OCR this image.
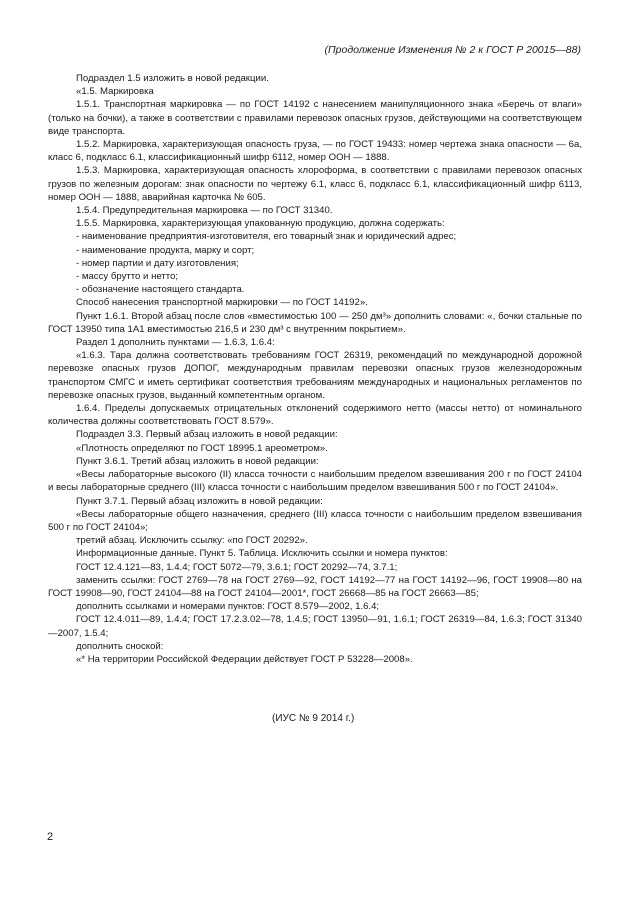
(Продолжение Изменения № 2 к ГОСТ Р 20015—88)

Подраздел 1.5 изложить в новой редакции.

«1.5. Маркировка

1.5.1. Транспортная маркировка — по ГОСТ 14192 с нанесением манипуляционного знака «Беречь от влаги» (только на бочки), а также в соответствии с правилами перевозок опасных грузов, действующими на соответствующем виде транспорта.

1.5.2. Маркировка, характеризующая опасность груза, — по ГОСТ 19433: номер чертежа знака опасности — 6а, класс 6, подкласс 6.1, классификационный шифр 6112, номер ООН — 1888.

1.5.3. Маркировка, характеризующая опасность хлороформа, в соответствии с правилами перевозок опасных грузов по железным дорогам: знак опасности по чертежу 6.1, класс 6, подкласс 6.1, классификационный шифр 6113, номер ООН — 1888, аварийная карточка № 605.

1.5.4. Предупредительная маркировка — по ГОСТ 31340.

1.5.5. Маркировка, характеризующая упакованную продукцию, должна содержать:

- наименование предприятия-изготовителя, его товарный знак и юридический адрес;
- наименование продукта, марку и сорт;
- номер партии и дату изготовления;
- массу брутто и нетто;
- обозначение настоящего стандарта.

Способ нанесения транспортной маркировки — по ГОСТ 14192».

Пункт 1.6.1. Второй абзац после слов «вместимостью 100 — 250 дм³» дополнить словами: «, бочки стальные по ГОСТ 13950 типа 1А1 вместимостью 216,5 и 230 дм³ с внутренним покрытием».

Раздел 1 дополнить пунктами — 1.6.3, 1.6.4:

«1.6.3. Тара должна соответствовать требованиям ГОСТ 26319, рекомендаций по международной дорожной перевозке опасных грузов ДОПОГ, международным правилам перевозки опасных грузов железнодорожным транспортом СМГС и иметь сертификат соответствия требованиям международных и национальных регламентов по перевозке опасных грузов, выданный компетентным органом.

1.6.4. Пределы допускаемых отрицательных отклонений содержимого нетто (массы нетто) от номинального количества должны соответствовать ГОСТ 8.579».

Подраздел 3.3. Первый абзац изложить в новой редакции:

«Плотность определяют по ГОСТ 18995.1 ареометром».

Пункт 3.6.1. Третий абзац изложить в новой редакции:

«Весы лабораторные высокого (II) класса точности с наибольшим пределом взвешивания 200 г по ГОСТ 24104 и весы лабораторные среднего (III) класса точности с наибольшим пределом взвешивания 500 г по ГОСТ 24104».

Пункт 3.7.1. Первый абзац изложить в новой редакции:

«Весы лабораторные общего назначения, среднего (III) класса точности с наибольшим пределом взвешивания 500 г по ГОСТ 24104»;

третий абзац. Исключить ссылку: «по ГОСТ 20292».

Информационные данные. Пункт 5. Таблица. Исключить ссылки и номера пунктов:

ГОСТ 12.4.121—83, 1.4.4; ГОСТ 5072—79, 3.6.1; ГОСТ 20292—74, 3.7.1;

заменить ссылки: ГОСТ 2769—78 на ГОСТ 2769—92, ГОСТ 14192—77 на ГОСТ 14192—96, ГОСТ 19908—80 на ГОСТ 19908—90, ГОСТ 24104—88 на ГОСТ 24104—2001*, ГОСТ 26668—85 на ГОСТ 26663—85;

дополнить ссылками и номерами пунктов: ГОСТ 8.579—2002, 1.6.4;

ГОСТ 12.4.011—89, 1.4.4; ГОСТ 17.2.3.02—78, 1.4.5; ГОСТ 13950—91, 1.6.1; ГОСТ 26319—84, 1.6.3; ГОСТ 31340—2007, 1.5.4;

дополнить сноской:

«* На территории Российской Федерации действует ГОСТ Р 53228—2008».

(ИУС № 9 2014 г.)
2
